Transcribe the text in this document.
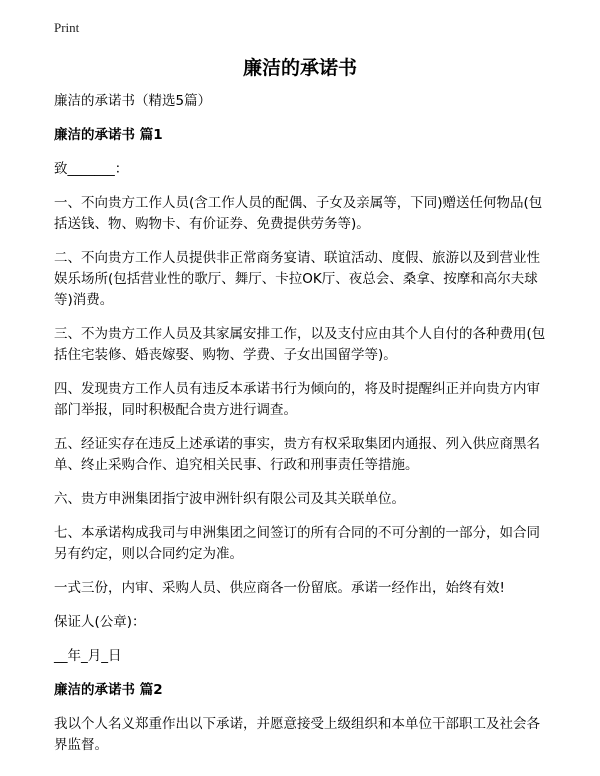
Print
廉洁的承诺书

廉洁的承诺书（精选5篇）

廉洁的承诺书 篇1

致_______：

一、不向贵方工作人员(含工作人员的配偶、子女及亲属等，下同)赠送任何物品(包括送钱、物、购物卡、有价证券、免费提供劳务等)。

二、不向贵方工作人员提供非正常商务宴请、联谊活动、度假、旅游以及到营业性娱乐场所(包括营业性的歌厅、舞厅、卡拉OK厅、夜总会、桑拿、按摩和高尔夫球等)消费。

三、不为贵方工作人员及其家属安排工作，以及支付应由其个人自付的各种费用(包括住宅装修、婚丧嫁娶、购物、学费、子女出国留学等)。

四、发现贵方工作人员有违反本承诺书行为倾向的，将及时提醒纠正并向贵方内审部门举报，同时积极配合贵方进行调查。

五、经证实存在违反上述承诺的事实，贵方有权采取集团内通报、列入供应商黑名单、终止采购合作、追究相关民事、行政和刑事责任等措施。

六、贵方申洲集团指宁波申洲针织有限公司及其关联单位。

七、本承诺构成我司与申洲集团之间签订的所有合同的不可分割的一部分，如合同另有约定，则以合同约定为准。

一式三份，内审、采购人员、供应商各一份留底。承诺一经作出，始终有效!

保证人(公章)：

__年_月_日

廉洁的承诺书 篇2

我以个人名义郑重作出以下承诺，并愿意接受上级组织和本单位干部职工及社会各界监督。
